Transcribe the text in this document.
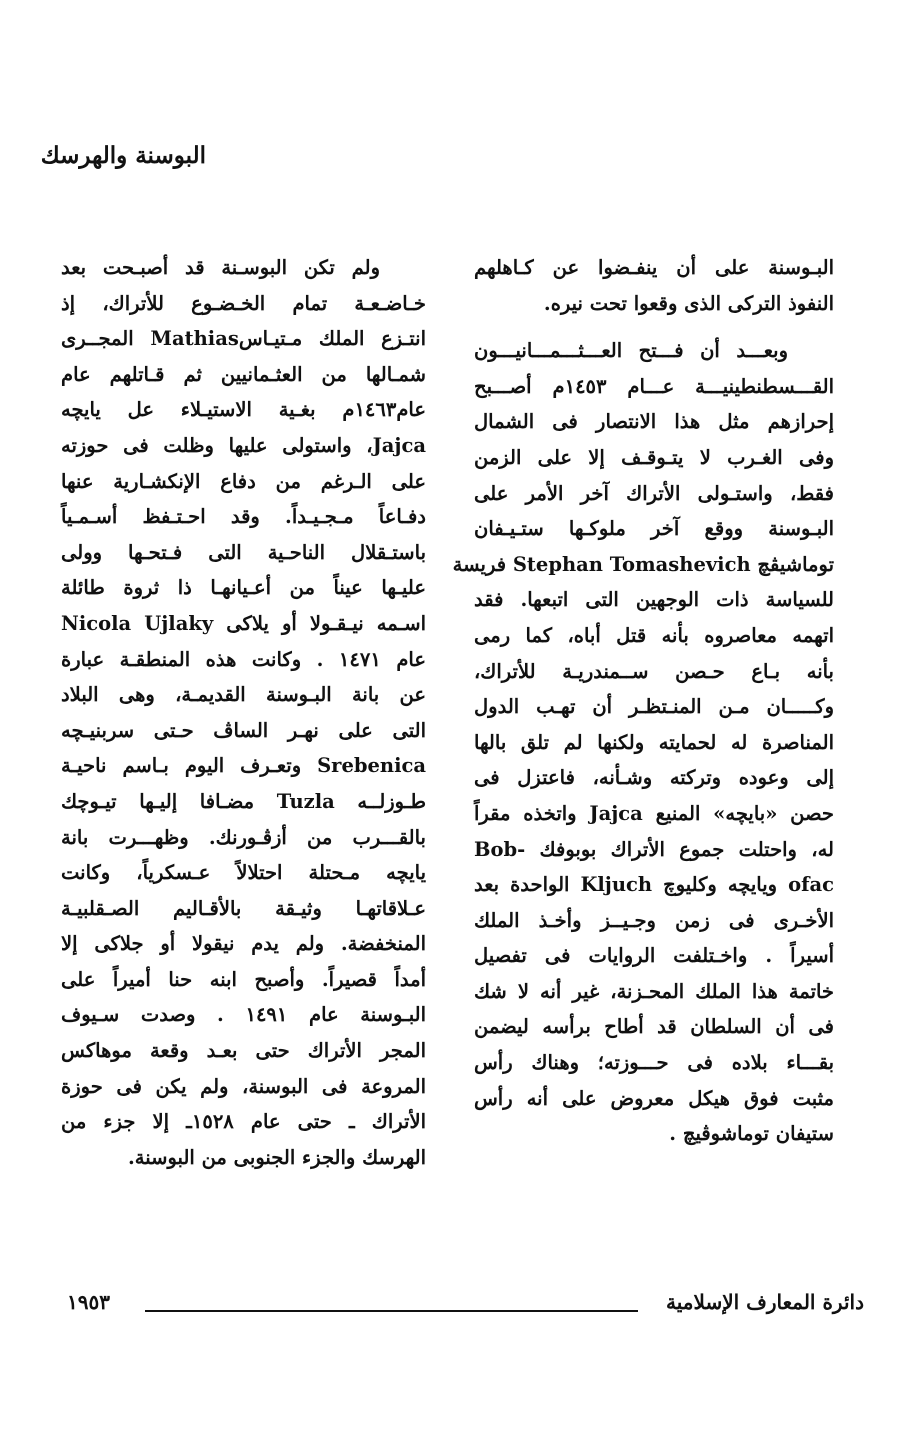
البوسنة والهرسك
البـوسنة على أن ينفـضوا عن كـاهلهم
النفوذ التركى الذى وقعوا تحت نيره.
وبعـــد أن فـــتح العـــثـــمـــانيـــون
القـــسطنطينيـــة عـــام ١٤٥٣م أصـــبح
إحرازهم مثل هذا الانتصار فى الشمال
وفى الغـرب لا يتـوقـف إلا على الزمن
فقط، واستـولى الأتراك آخر الأمر على
البـوسنة ووقع آخر ملوكـها ستـيـفان
توماشيڤچ Stephan Tomashevich فريسة
للسياسة ذات الوجهين التى اتبعها. فقد
اتهمه معاصروه بأنه قتل أباه، كما رمى
بأنه بـاع حـصن ســمندريـة للأتراك،
وكـــــان مـن المنـتظـر أن تهـب الدول
المناصرة له لحمايته ولكنها لم تلق بالها
إلى وعوده وتركته وشـأنه، فاعتزل فى
حصن «بايچه» المنيع Jajca واتخذه مقراً
له، واحتلت جموع الأتراك بوبوفك -Bob
ofac ويايچه وكليوچ Kljuch الواحدة بعد
الأخـرى فى زمن وجـيــز وأخـذ الملك
أسيراً . واخـتلفت الروايات فى تفصيل
خاتمة هذا الملك المحـزنة، غير أنه لا شك
فى أن السلطان قد أطاح برأسه ليضمن
بقـــاء بلاده فى حـــوزته؛ وهناك رأس
مثبت فوق هيكل معروض على أنه رأس
ستيفان توماشوڤيچ .
ولم تكن البوسـنة قد أصبـحت بعد
خـاضـعـة تمام الخـضـوع للأتراك، إذ
انتـزع الملك مـتيـاسMathias المجــرى
شمـالها من العثـمانيين ثم قـاتلهم عام
عام١٤٦٣م بغـية الاستيـلاء عل يايچه
Jajca، واستولى عليها وظلت فى حوزته
على الـرغم من دفاع الإنكشـارية عنها
دفـاعاً مـجـيـداً. وقد احـتـفظ أسـمـياً
باستـقلال الناحـية التى فـتحـها وولى
عليـها عيناً من أعـيانهـا ذا ثروة طائلة
اسـمه نيـقـولا أو يلاكى Nicola Ujlaky
عام ١٤٧١ . وكانت هذه المنطقـة عبارة
عن بانة البـوسنة القديمـة، وهى البلاد
التى على نهـر الساڤ حـتى سربنيـچه
Srebenica وتعـرف اليوم بـاسم ناحيـة
طـوزلــه Tuzla مضـافا إليـها تيـوچك
بالقـــرب من أزڤـورنك. وظهـــرت بانة
يايچه مـحتلة احتلالاً عـسكرياً، وكانت
عـلاقاتهـا وثيـقة بالأقـاليم الصـقلبيـة
المنخفضة. ولم يدم نيقولا أو جلاكى إلا
أمداً قصيراً. وأصبح ابنه حنا أميراً على
البـوسنة عام ١٤٩١ . وصدت سـيوف
المجر الأتراك حتى بعـد وقعة موهاكس
المروعة فى البوسنة، ولم يكن فى حوزة
الأتراك ـ حتى عام ١٥٢٨ـ إلا جزء من
الهرسك والجزء الجنوبى من البوسنة.
دائرة المعارف الإسلامية
١٩٥٣
